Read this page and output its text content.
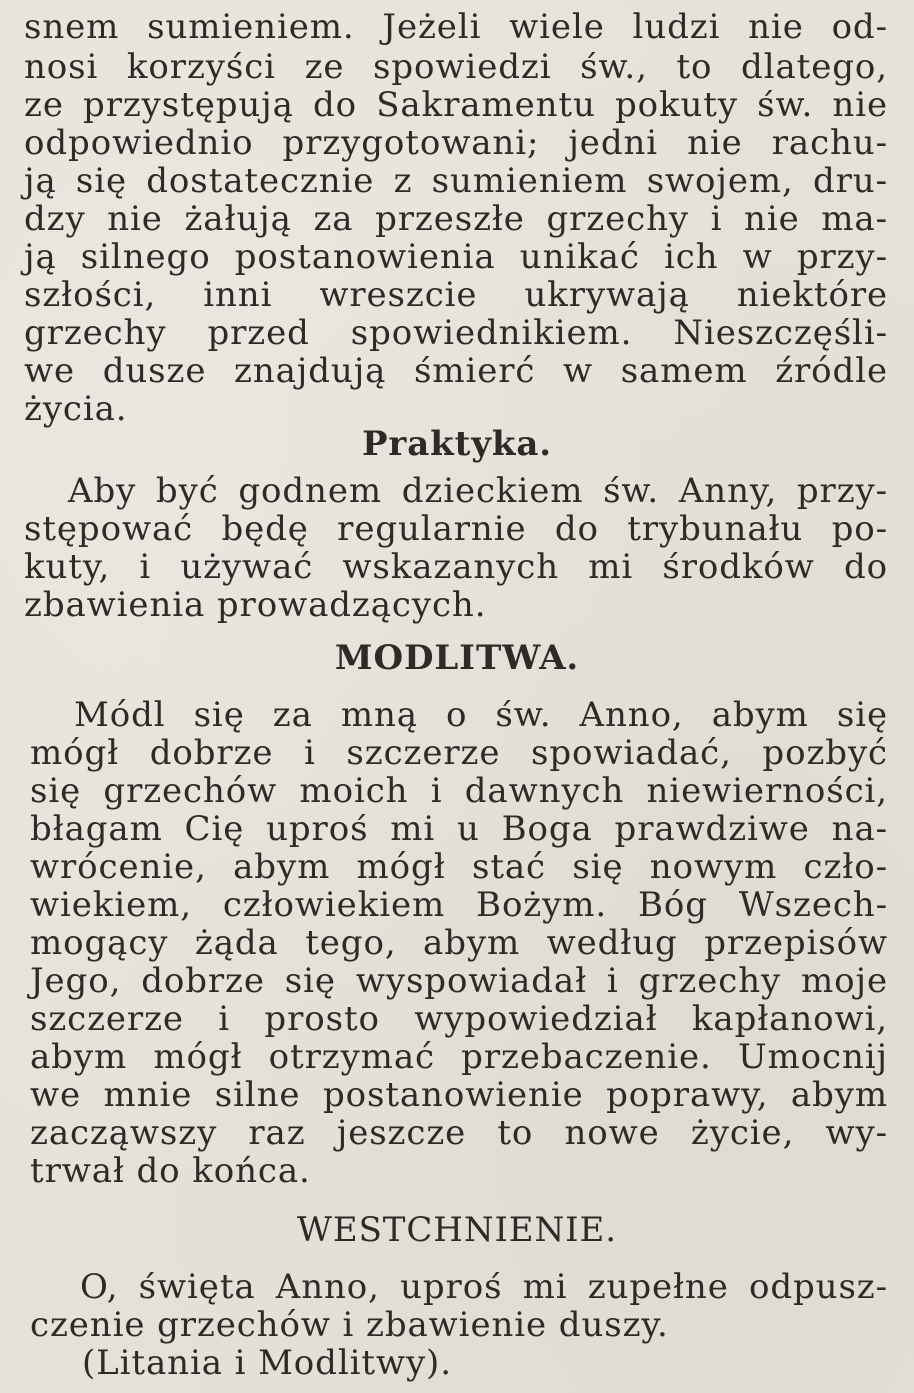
snem sumieniem. Jeżeli wiele ludzi nie od-
nosi korzyści ze spowiedzi św., to dlatego,
ze przystępują do Sakramentu pokuty św. nie
odpowiednio przygotowani; jedni nie rachu-
ją się dostatecznie z sumieniem swojem, dru-
dzy nie żałują za przeszłe grzechy i nie ma-
ją silnego postanowienia unikać ich w przy-
szłości, inni wreszcie ukrywają niektóre
grzechy przed spowiednikiem. Nieszczęśli-
we dusze znajdują śmierć w samem źródle
życia.
Praktyka.
Aby być godnem dzieckiem św. Anny, przy-
stępować będę regularnie do trybunału po-
kuty, i używać wskazanych mi środków do
zbawienia prowadzących.
MODLITWA.
Módl się za mną o św. Anno, abym się
mógł dobrze i szczerze spowiadać, pozbyć
się grzechów moich i dawnych niewierności,
błagam Cię uproś mi u Boga prawdziwe na-
wrócenie, abym mógł stać się nowym czło-
wiekiem, człowiekiem Bożym. Bóg Wszech-
mogący żąda tego, abym według przepisów
Jego, dobrze się wyspowiadał i grzechy moje
szczerze i prosto wypowiedział kapłanowi,
abym mógł otrzymać przebaczenie. Umocnij
we mnie silne postanowienie poprawy, abym
zacząwszy raz jeszcze to nowe życie, wy-
trwał do końca.
WESTCHNIENIE.
O, święta Anno, uproś mi zupełne odpusz-
czenie grzechów i zbawienie duszy.
(Litania i Modlitwy).
